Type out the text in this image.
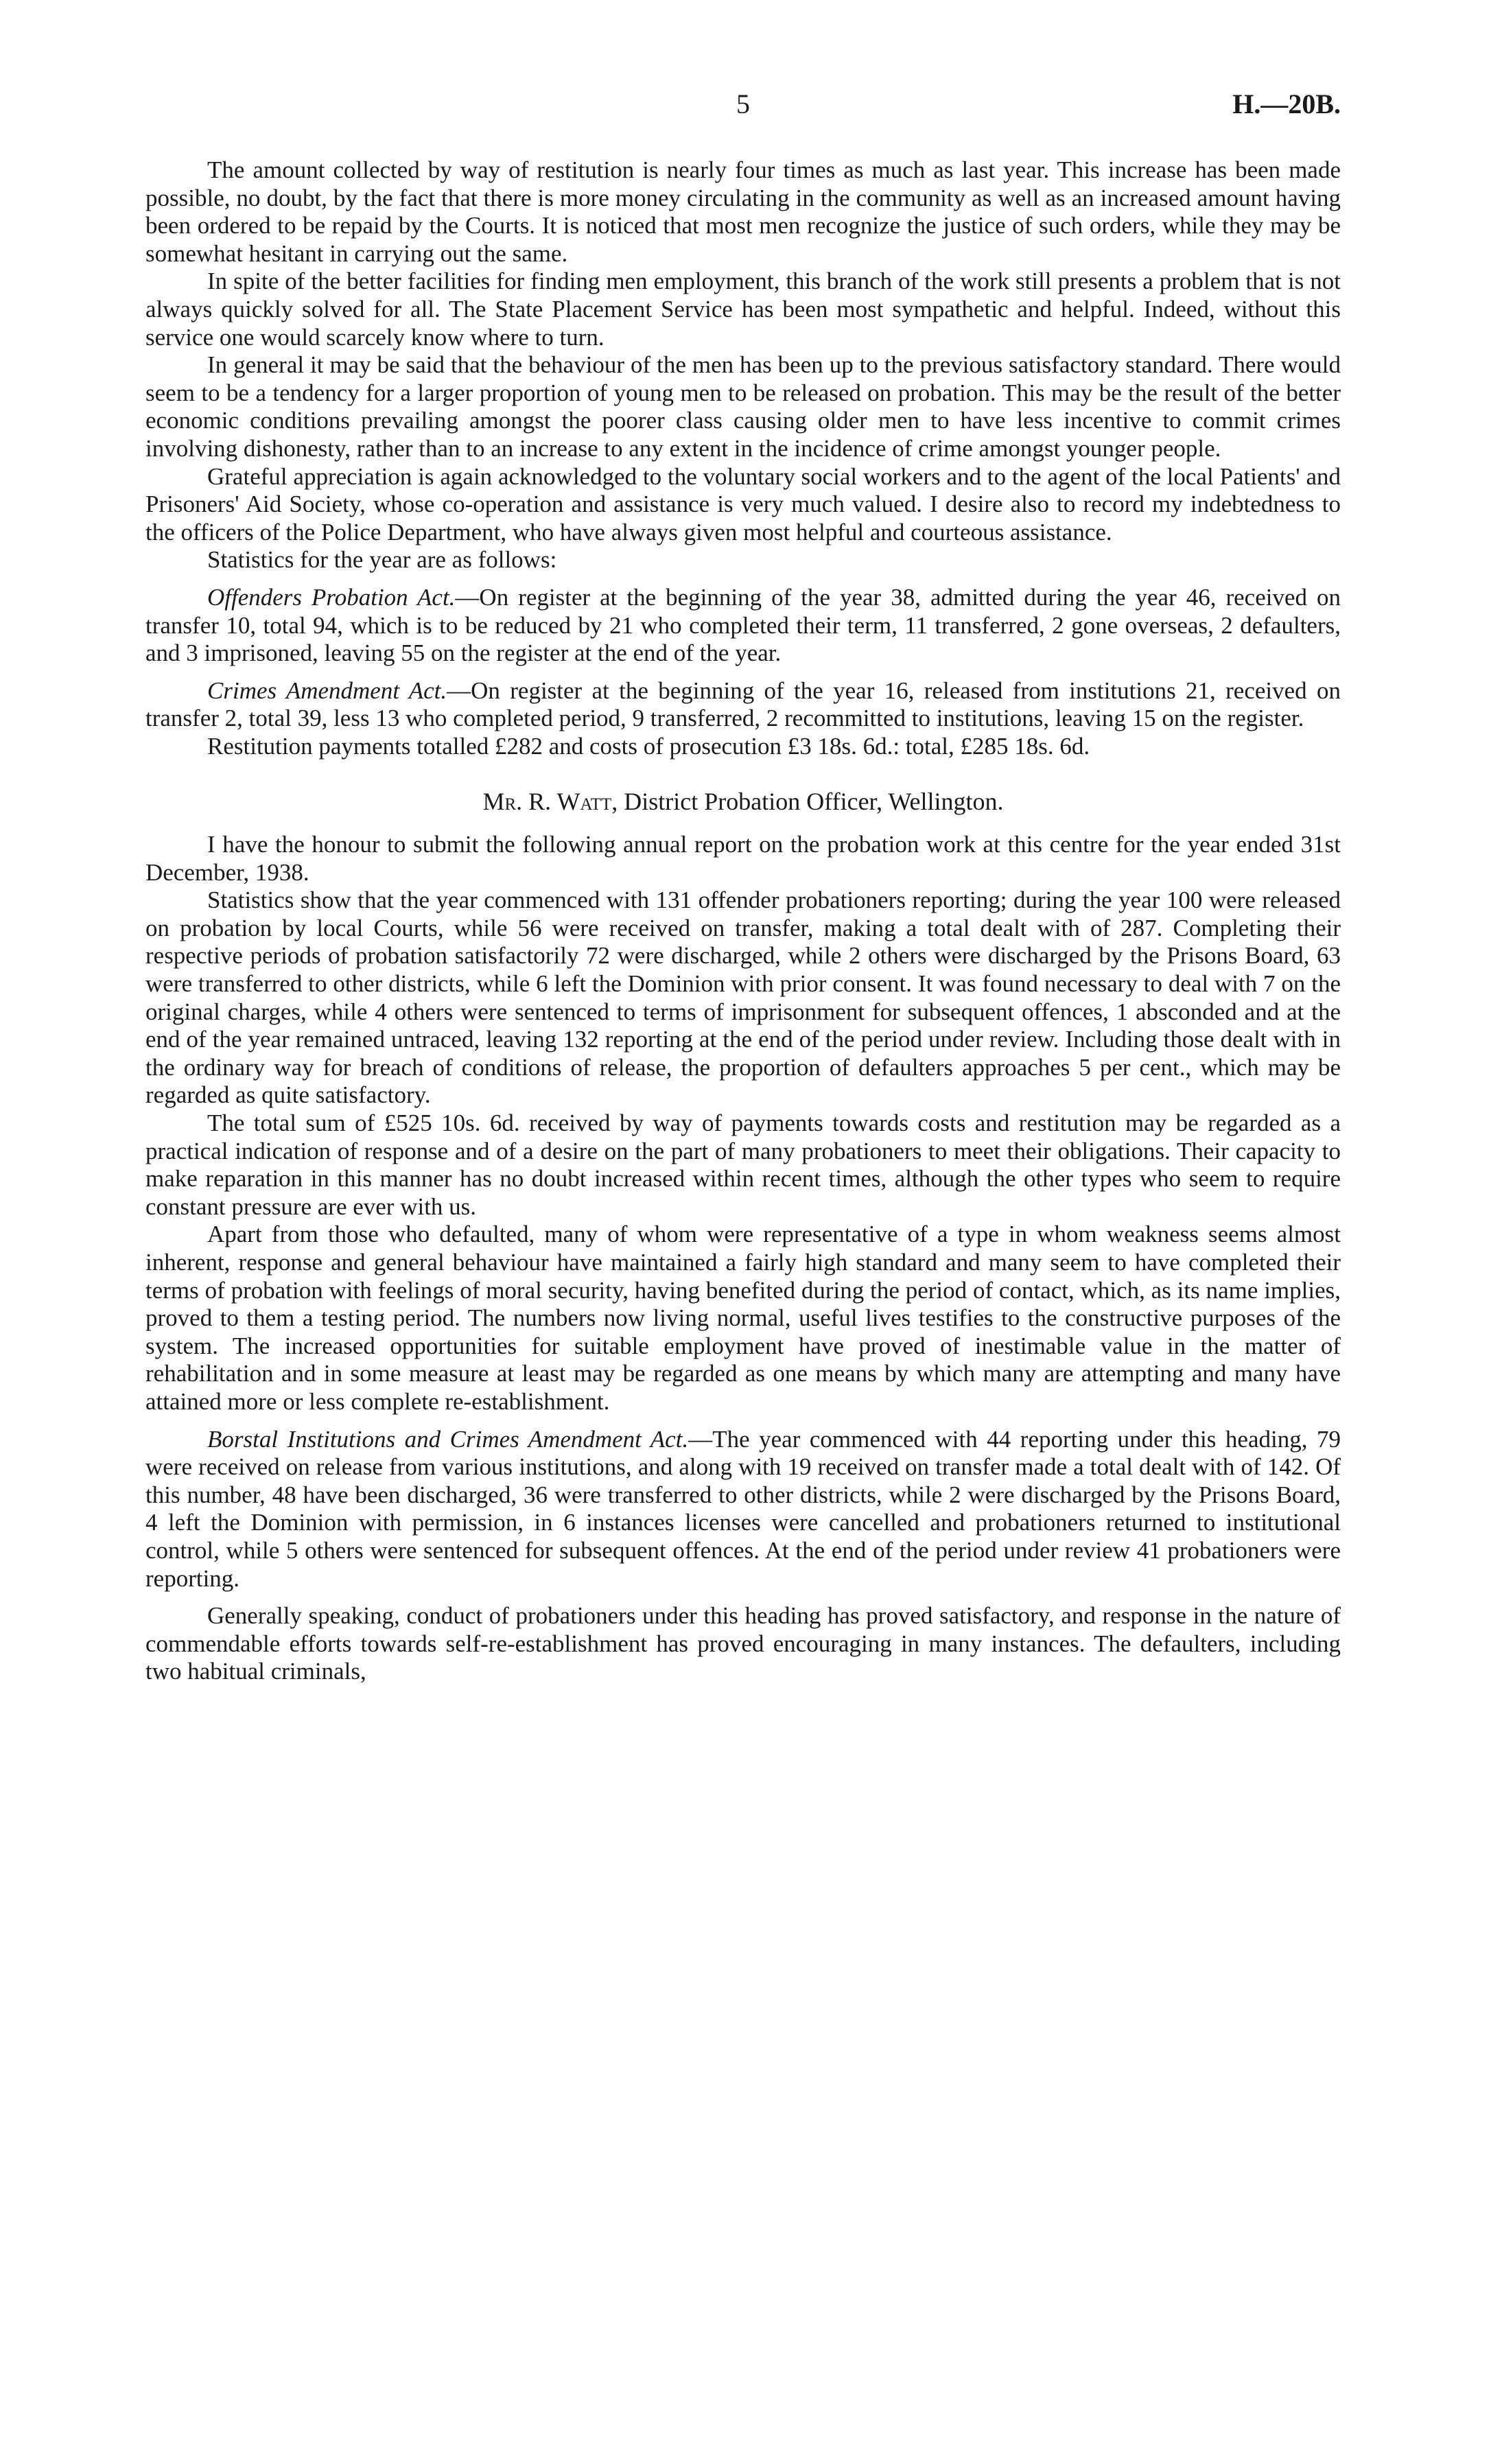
5	H.—20B.

The amount collected by way of restitution is nearly four times as much as last year. This increase has been made possible, no doubt, by the fact that there is more money circulating in the community as well as an increased amount having been ordered to be repaid by the Courts. It is noticed that most men recognize the justice of such orders, while they may be somewhat hesitant in carrying out the same.

In spite of the better facilities for finding men employment, this branch of the work still presents a problem that is not always quickly solved for all. The State Placement Service has been most sympathetic and helpful. Indeed, without this service one would scarcely know where to turn.

In general it may be said that the behaviour of the men has been up to the previous satisfactory standard. There would seem to be a tendency for a larger proportion of young men to be released on probation. This may be the result of the better economic conditions prevailing amongst the poorer class causing older men to have less incentive to commit crimes involving dishonesty, rather than to an increase to any extent in the incidence of crime amongst younger people.

Grateful appreciation is again acknowledged to the voluntary social workers and to the agent of the local Patients' and Prisoners' Aid Society, whose co-operation and assistance is very much valued. I desire also to record my indebtedness to the officers of the Police Department, who have always given most helpful and courteous assistance.

Statistics for the year are as follows:

Offenders Probation Act.—On register at the beginning of the year 38, admitted during the year 46, received on transfer 10, total 94, which is to be reduced by 21 who completed their term, 11 transferred, 2 gone overseas, 2 defaulters, and 3 imprisoned, leaving 55 on the register at the end of the year.

Crimes Amendment Act.—On register at the beginning of the year 16, released from institutions 21, received on transfer 2, total 39, less 13 who completed period, 9 transferred, 2 recommitted to institutions, leaving 15 on the register.

Restitution payments totalled £282 and costs of prosecution £3 18s. 6d.: total, £285 18s. 6d.

Mr. R. Watt, District Probation Officer, Wellington.

I have the honour to submit the following annual report on the probation work at this centre for the year ended 31st December, 1938.

Statistics show that the year commenced with 131 offender probationers reporting; during the year 100 were released on probation by local Courts, while 56 were received on transfer, making a total dealt with of 287. Completing their respective periods of probation satisfactorily 72 were discharged, while 2 others were discharged by the Prisons Board, 63 were transferred to other districts, while 6 left the Dominion with prior consent. It was found necessary to deal with 7 on the original charges, while 4 others were sentenced to terms of imprisonment for subsequent offences, 1 absconded and at the end of the year remained untraced, leaving 132 reporting at the end of the period under review. Including those dealt with in the ordinary way for breach of conditions of release, the proportion of defaulters approaches 5 per cent., which may be regarded as quite satisfactory.

The total sum of £525 10s. 6d. received by way of payments towards costs and restitution may be regarded as a practical indication of response and of a desire on the part of many probationers to meet their obligations. Their capacity to make reparation in this manner has no doubt increased within recent times, although the other types who seem to require constant pressure are ever with us.

Apart from those who defaulted, many of whom were representative of a type in whom weakness seems almost inherent, response and general behaviour have maintained a fairly high standard and many seem to have completed their terms of probation with feelings of moral security, having benefited during the period of contact, which, as its name implies, proved to them a testing period. The numbers now living normal, useful lives testifies to the constructive purposes of the system. The increased opportunities for suitable employment have proved of inestimable value in the matter of rehabilitation and in some measure at least may be regarded as one means by which many are attempting and many have attained more or less complete re-establishment.

Borstal Institutions and Crimes Amendment Act.—The year commenced with 44 reporting under this heading, 79 were received on release from various institutions, and along with 19 received on transfer made a total dealt with of 142. Of this number, 48 have been discharged, 36 were transferred to other districts, while 2 were discharged by the Prisons Board, 4 left the Dominion with permission, in 6 instances licenses were cancelled and probationers returned to institutional control, while 5 others were sentenced for subsequent offences. At the end of the period under review 41 probationers were reporting.

Generally speaking, conduct of probationers under this heading has proved satisfactory, and response in the nature of commendable efforts towards self-re-establishment has proved encouraging in many instances. The defaulters, including two habitual criminals,
